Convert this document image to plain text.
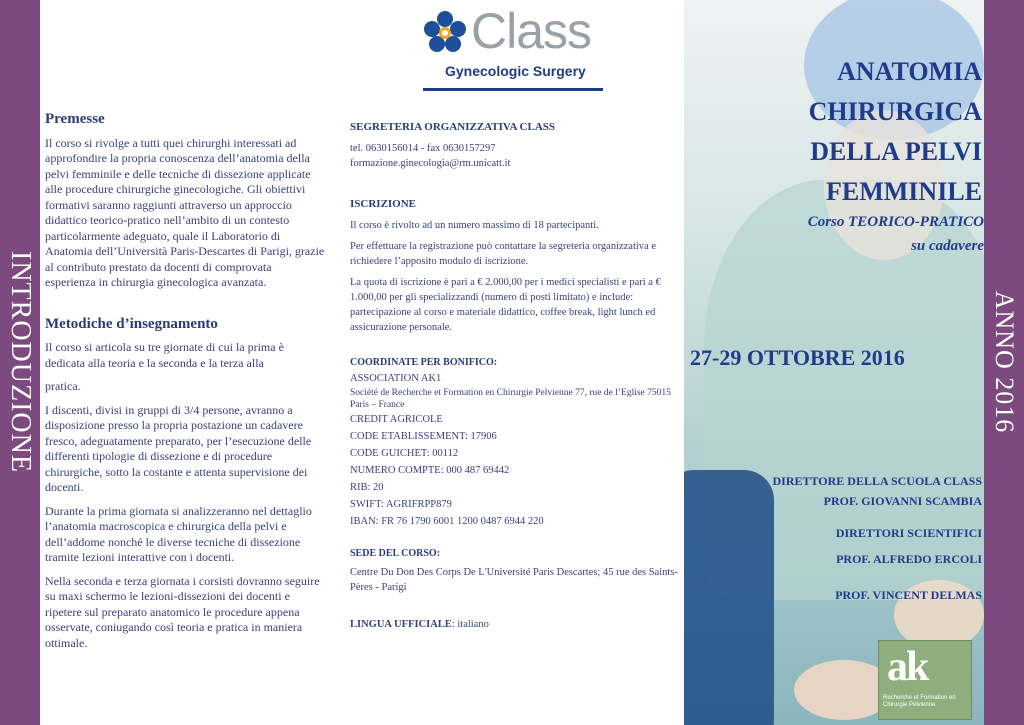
INTRODUZIONE
Class
Gynecologic Surgery
Premesse

Il corso si rivolge a tutti quei chirurghi interessati ad approfondire la propria conoscenza dell’anatomia della pelvi femminile e delle tecniche di dissezione applicate alle procedure chirurgiche ginecologiche. Gli obiettivi formativi saranno raggiunti attraverso un approccio didattico teorico-pratico nell’ambito di un contesto particolarmente adeguato, quale il Laboratorio di Anatomia dell’Università Paris-Descartes di Parigi, grazie al contributo prestato da docenti di comprovata esperienza in chirurgia ginecologica avanzata.

Metodiche d’insegnamento

Il corso si articola su tre giornate di cui la prima è dedicata alla teoria e la seconda e la terza alla

pratica.

I discenti, divisi in gruppi di 3/4 persone, avranno a disposizione presso la propria postazione un cadavere fresco, adeguatamente preparato, per l’esecuzione delle differenti tipologie di dissezione e di procedure chirurgiche, sotto la costante e attenta supervisione dei docenti.

Durante la prima giornata si analizzeranno nel dettaglio l’anatomia macroscopica e chirurgica della pelvi e dell’addome nonché le diverse tecniche di dissezione tramite lezioni interattive con i docenti.

Nella seconda e terza giornata i corsisti dovranno seguire su maxi schermo le lezioni-dissezioni dei docenti e ripetere sul preparato anatomico le procedure appena osservate, coniugando così teoria e pratica in maniera ottimale.

SEGRETERIA ORGANIZZATIVA CLASS

tel. 0630156014 - fax 0630157297

formazione.ginecologia@rm.unicatt.it

ISCRIZIONE

Il corso è rivolto ad un numero massimo di 18 partecipanti.

Per effettuare la registrazione può contattare la segreteria organizzativa e richiedere l’apposito modulo di iscrizione.

La quota di iscrizione è pari a € 2.000,00 per i medici specialisti e pari a € 1.000,00 per gli specializzandi (numero di posti limitato) e include: partecipazione al corso e materiale didattico, coffee break, light lunch ed assicurazione personale.

COORDINATE PER BONIFICO:
ASSOCIATION AK1
Société de Recherche et Formation en Chirurgie Pelvienne 77, rue de l’Eglise 75015 Paris – France
CREDIT AGRICOLE
CODE ETABLISSEMENT: 17906
CODE GUICHET: 00112
NUMERO COMPTE: 000 487 69442
RIB: 20
SWIFT: AGRIFRPP879
IBAN: FR 76 1790 6001 1200 0487 6944 220
SEDE DEL CORSO:

Centre Du Don Des Corps De L'Université Paris Descartes; 45 rue des Saints-Pères - Parigi

LINGUA UFFICIALE: italiano

ANATOMIA
CHIRURGICA
DELLA PELVI
FEMMINILE
Corso TEORICO-PRATICO
su cadavere
27-29 OTTOBRE 2016
DIRETTORE DELLA SCUOLA CLASS
PROF. GIOVANNI SCAMBIA
DIRETTORI SCIENTIFICI
PROF. ALFREDO ERCOLI
PROF. VINCENT DELMAS
ak
Recherche et Formation en Chirurgie Pelvienne
ANNO 2016
